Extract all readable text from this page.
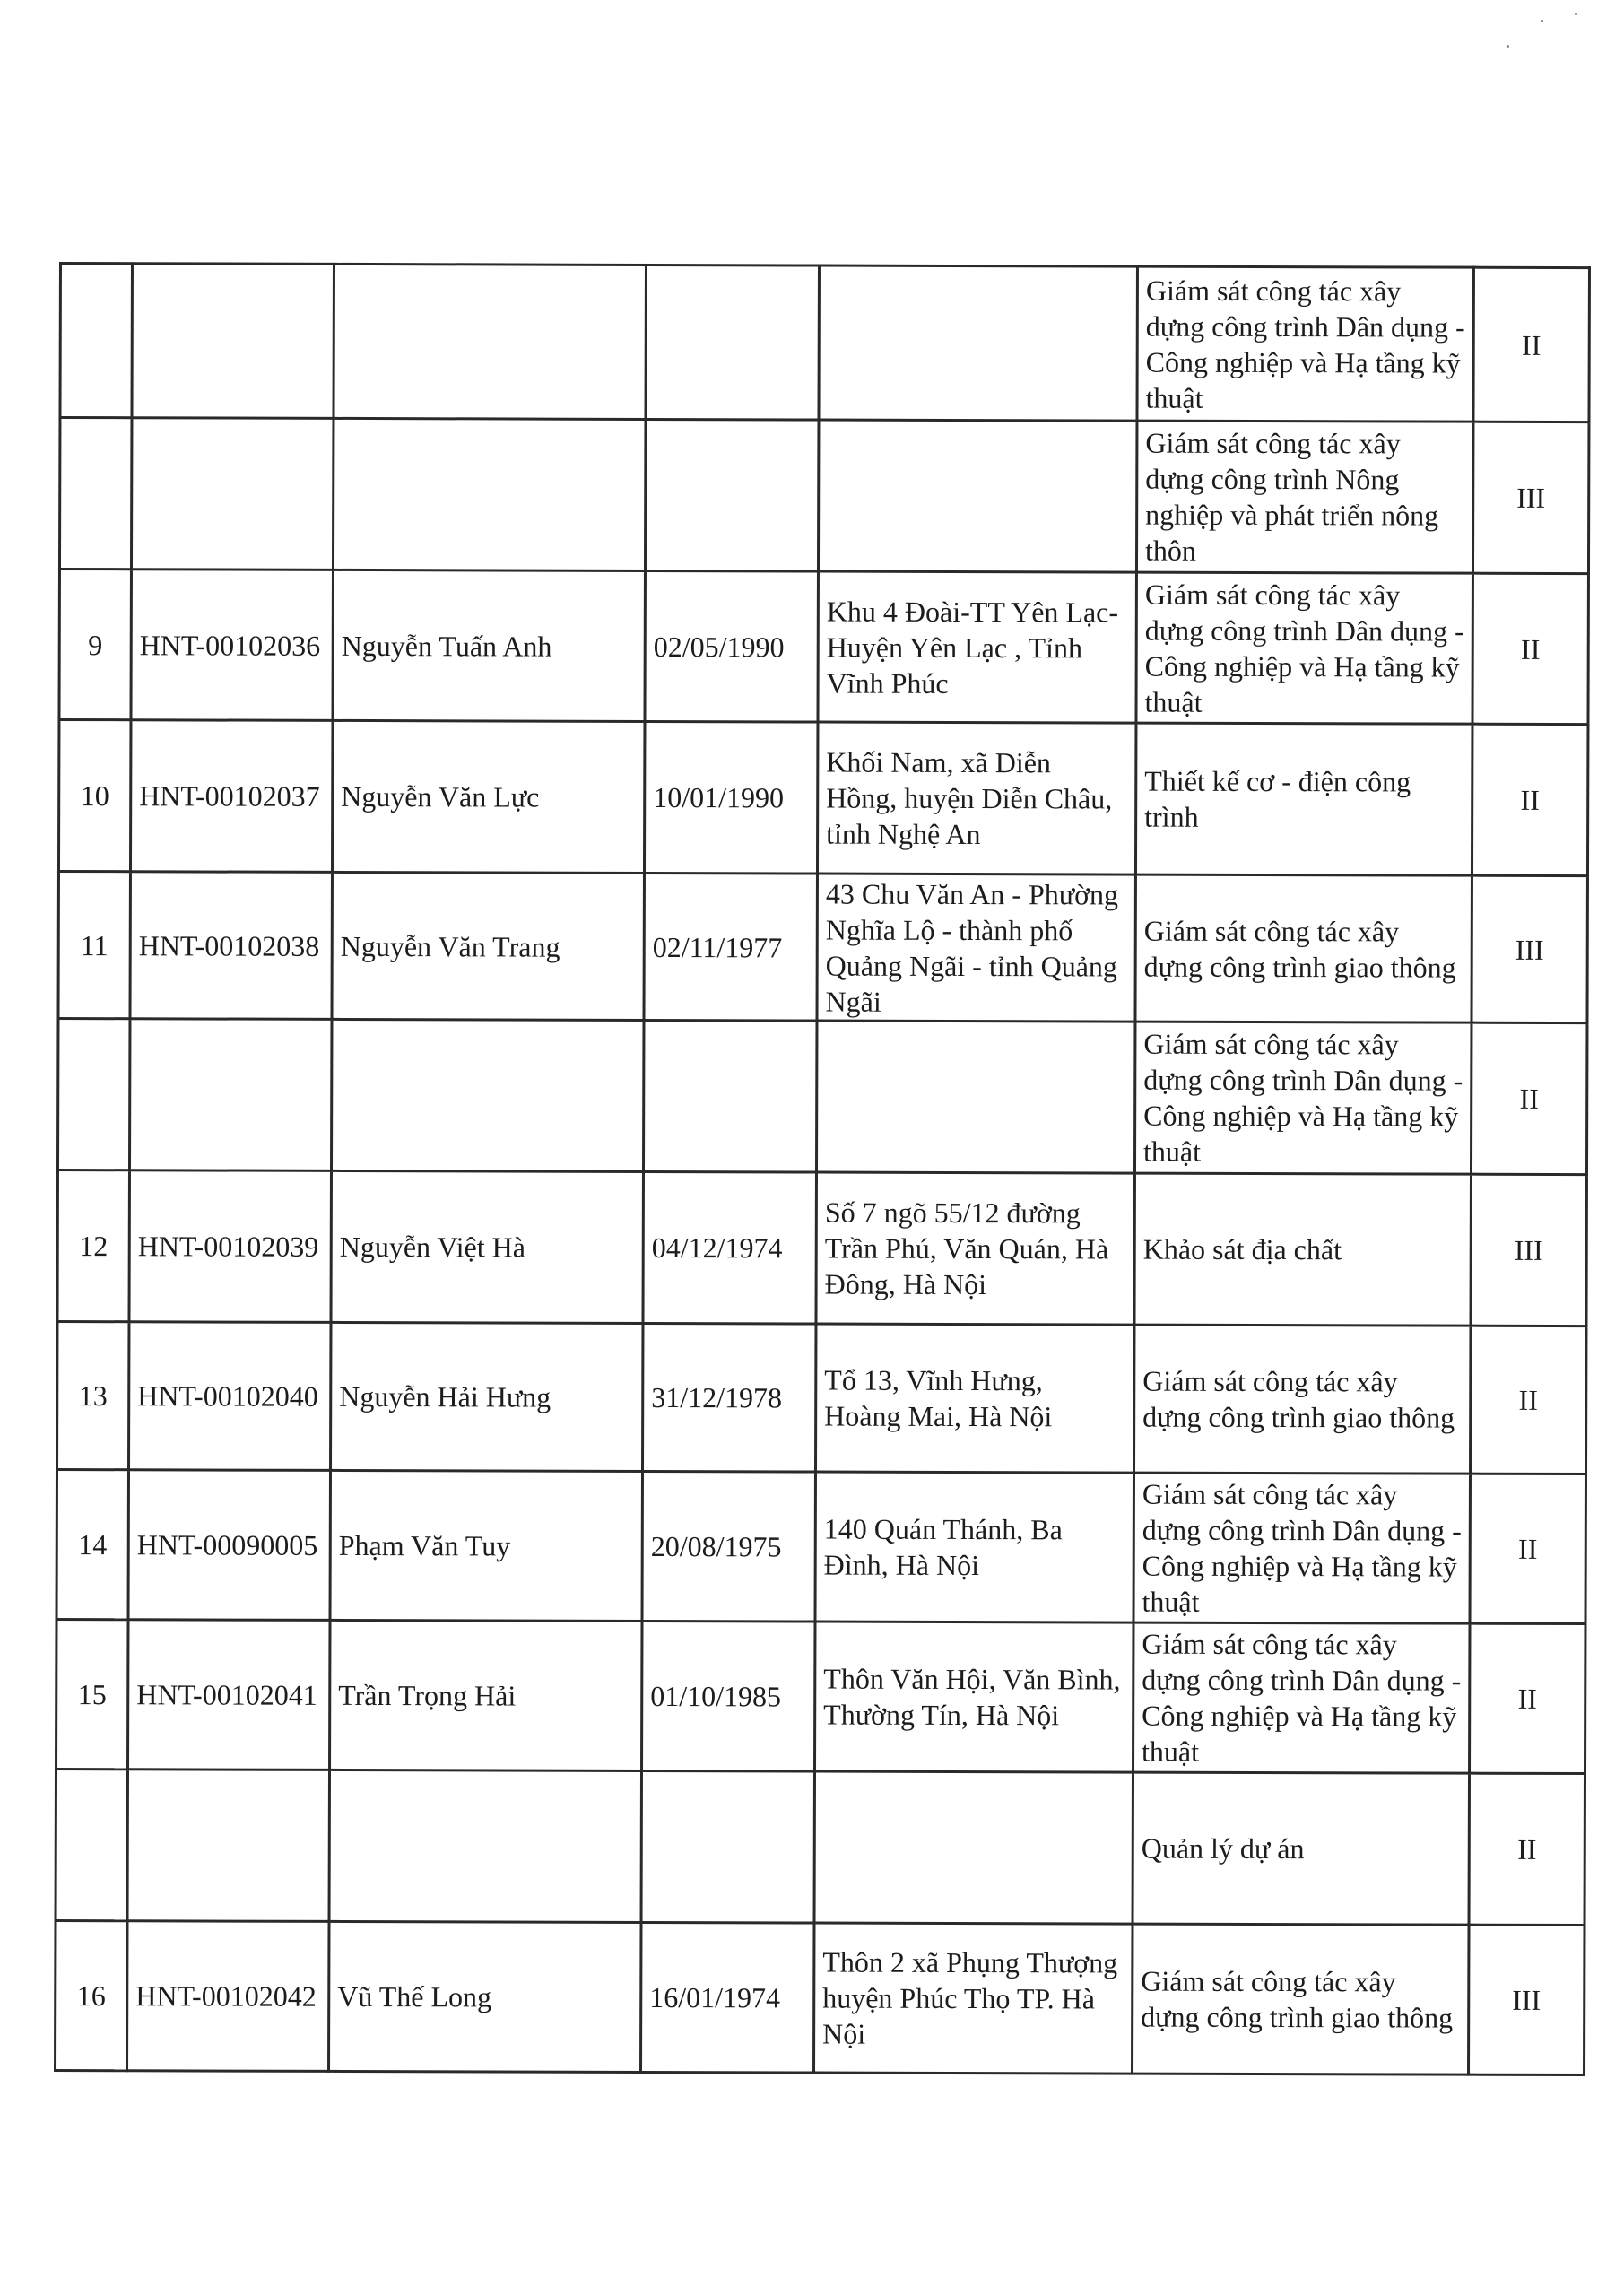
					Giám sát công tác xây dựng công trình Dân dụng - Công nghiệp và Hạ tầng kỹ thuật	II
					Giám sát công tác xây dựng công trình Nông nghiệp và phát triển nông thôn	III
9	HNT-00102036	Nguyễn Tuấn Anh	02/05/1990	Khu 4 Đoài-TT Yên Lạc-Huyện Yên Lạc , Tỉnh Vĩnh Phúc	Giám sát công tác xây dựng công trình Dân dụng - Công nghiệp và Hạ tầng kỹ thuật	II
10	HNT-00102037	Nguyễn Văn Lực	10/01/1990	Khối Nam, xã Diễn Hồng, huyện Diễn Châu, tỉnh Nghệ An	Thiết kế cơ - điện công trình	II
11	HNT-00102038	Nguyễn Văn Trang	02/11/1977	43 Chu Văn An - Phường Nghĩa Lộ - thành phố Quảng Ngãi - tỉnh Quảng Ngãi	Giám sát công tác xây dựng công trình giao thông	III
					Giám sát công tác xây dựng công trình Dân dụng - Công nghiệp và Hạ tầng kỹ thuật	II
12	HNT-00102039	Nguyễn Việt Hà	04/12/1974	Số 7 ngõ 55/12 đường Trần Phú, Văn Quán, Hà Đông, Hà Nội	Khảo sát địa chất	III
13	HNT-00102040	Nguyễn Hải Hưng	31/12/1978	Tổ 13, Vĩnh Hưng, Hoàng Mai, Hà Nội	Giám sát công tác xây dựng công trình giao thông	II
14	HNT-00090005	Phạm Văn Tuy	20/08/1975	140 Quán Thánh, Ba Đình, Hà Nội	Giám sát công tác xây dựng công trình Dân dụng - Công nghiệp và Hạ tầng kỹ thuật	II
15	HNT-00102041	Trần Trọng Hải	01/10/1985	Thôn Văn Hội, Văn Bình, Thường Tín, Hà Nội	Giám sát công tác xây dựng công trình Dân dụng - Công nghiệp và Hạ tầng kỹ thuật	II
					Quản lý dự án	II
16	HNT-00102042	Vũ Thế Long	16/01/1974	Thôn 2 xã Phụng Thượng huyện Phúc Thọ TP. Hà Nội	Giám sát công tác xây dựng công trình giao thông	III
